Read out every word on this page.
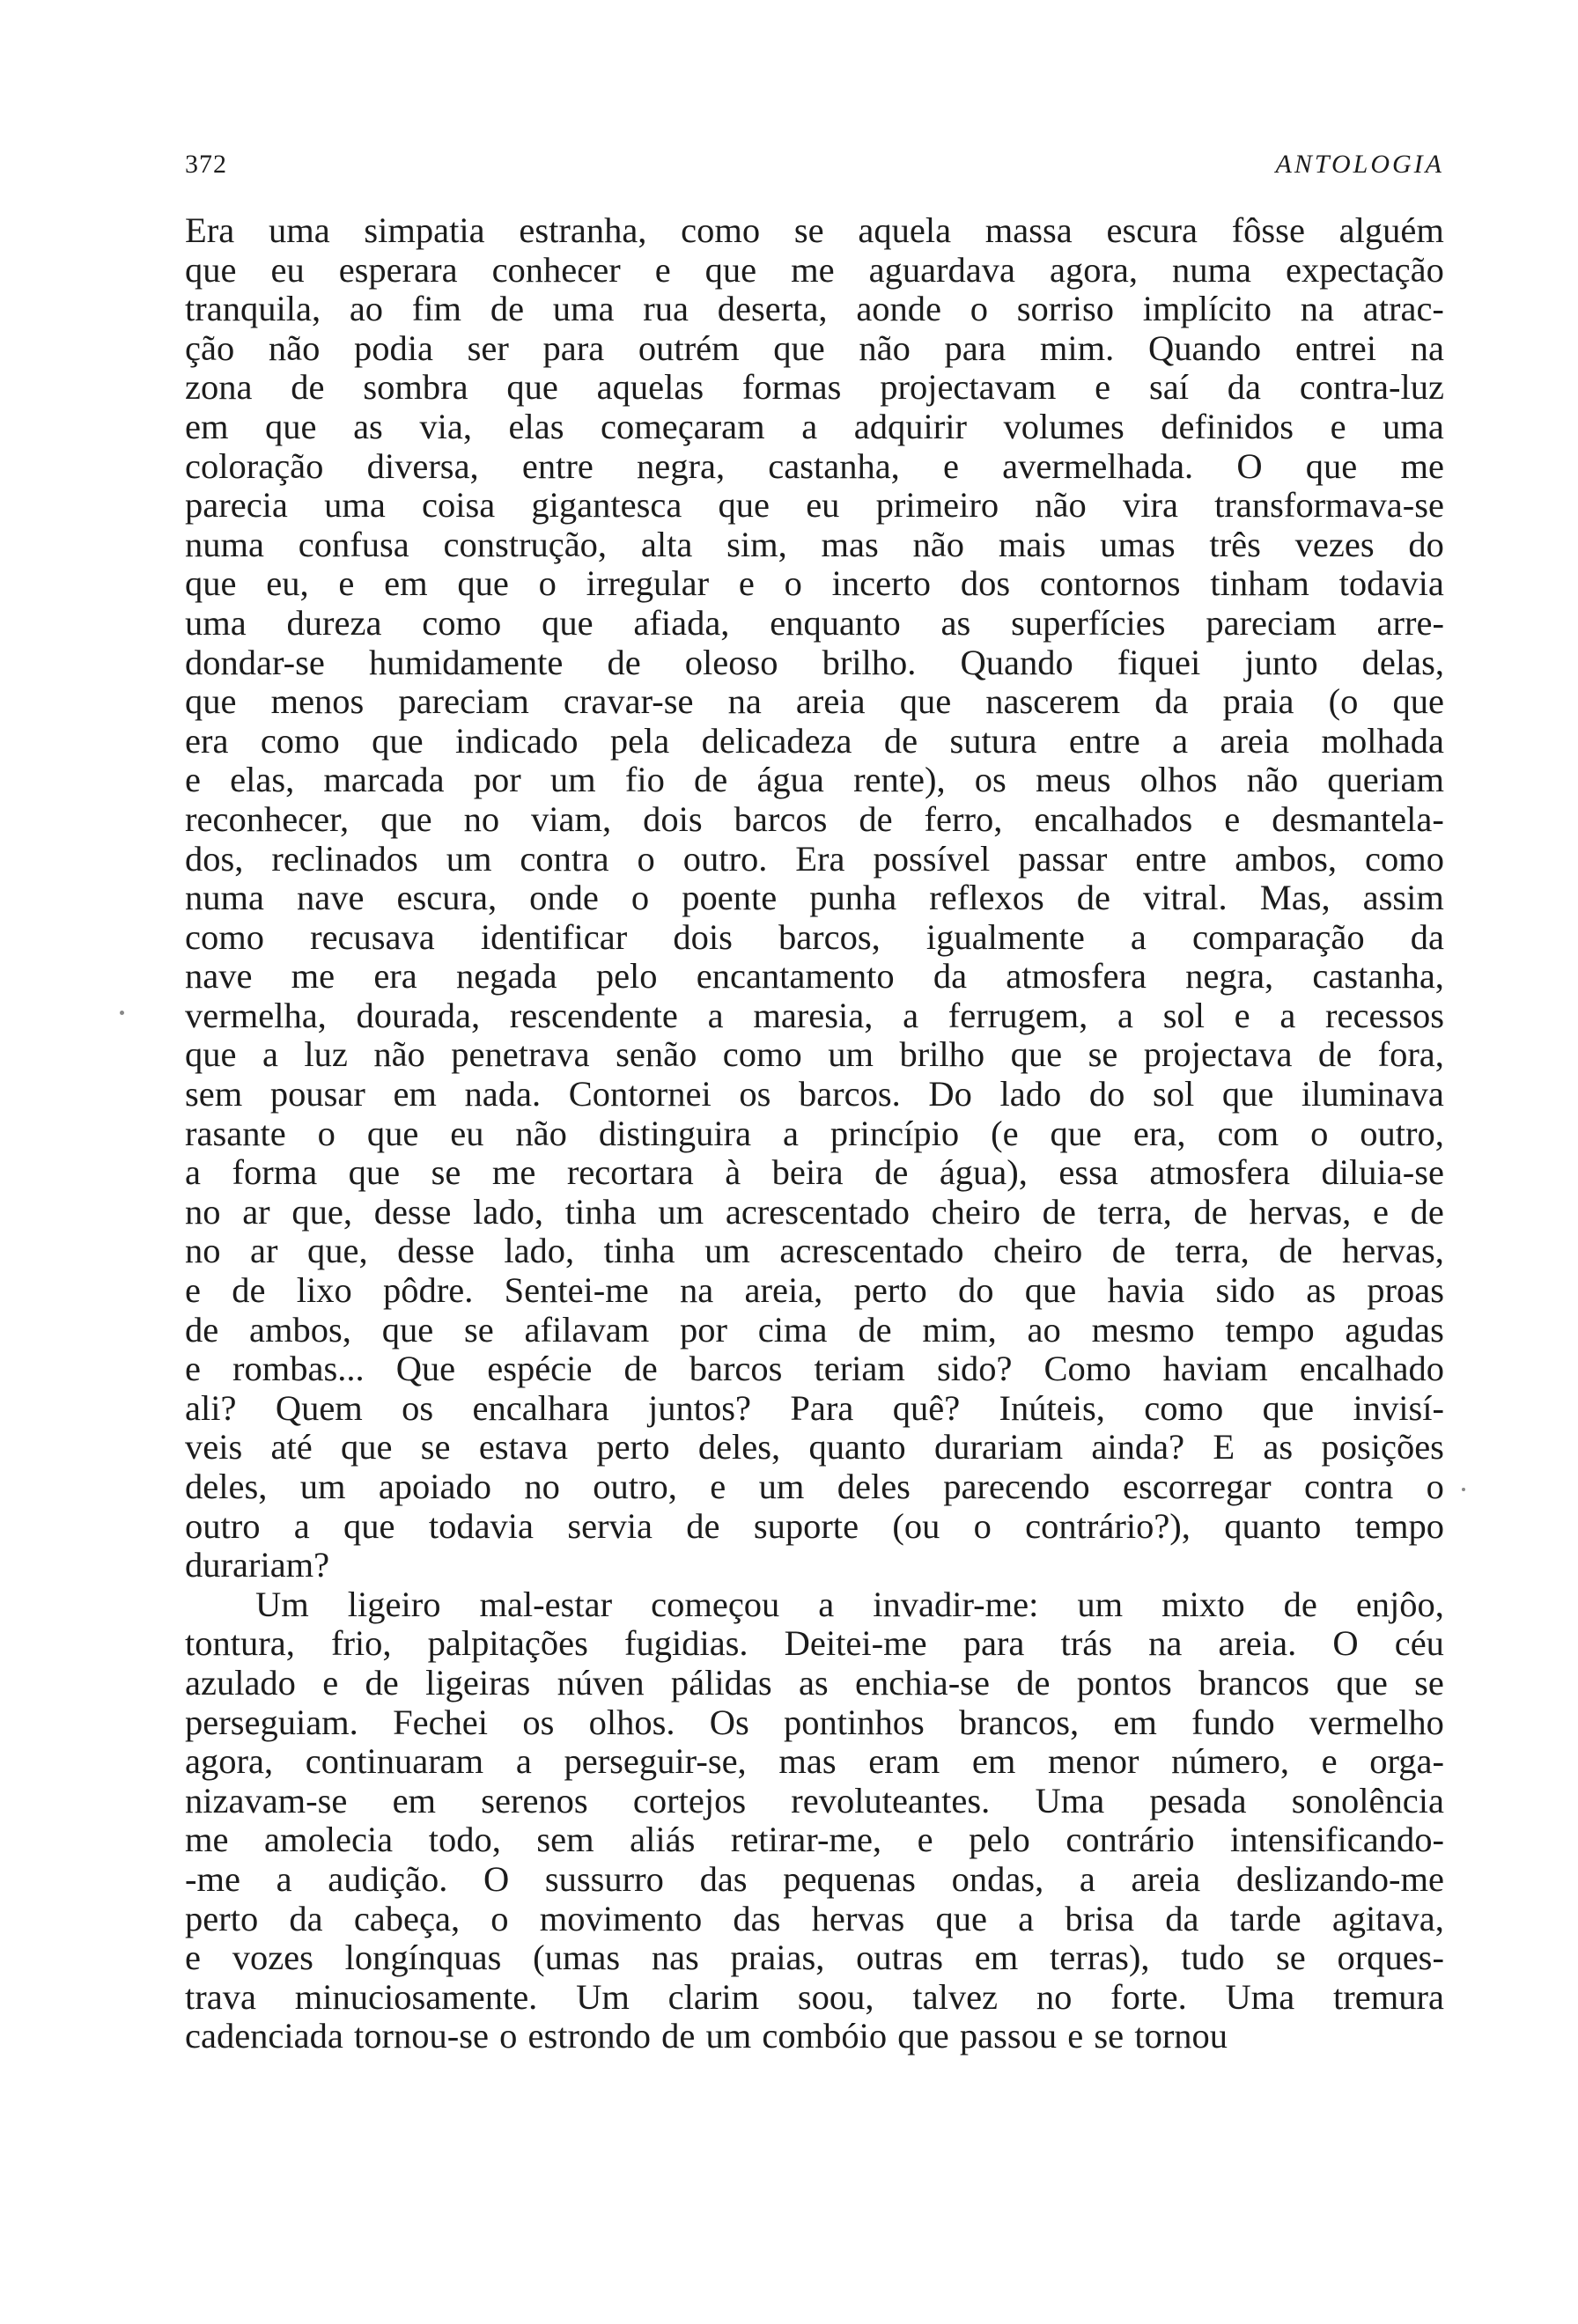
372	ANTOLOGIA
Era uma simpatia estranha, como se aquela massa escura fôsse alguém
que eu esperara conhecer e que me aguardava agora, numa expectação
tranquila, ao fim de uma rua deserta, aonde o sorriso implícito na atrac-
ção não podia ser para outrém que não para mim. Quando entrei na
zona de sombra que aquelas formas projectavam e saí da contra-luz
em que as via, elas começaram a adquirir volumes definidos e uma
coloração diversa, entre negra, castanha, e avermelhada. O que me
parecia uma coisa gigantesca que eu primeiro não vira transformava-se
numa confusa construção, alta sim, mas não mais umas três vezes do
que eu, e em que o irregular e o incerto dos contornos tinham todavia
uma dureza como que afiada, enquanto as superfícies pareciam arre-
dondar-se humidamente de oleoso brilho. Quando fiquei junto delas,
que menos pareciam cravar-se na areia que nascerem da praia (o que
era como que indicado pela delicadeza de sutura entre a areia molhada
e elas, marcada por um fio de água rente), os meus olhos não queriam
reconhecer, que no viam, dois barcos de ferro, encalhados e desmantela-
dos, reclinados um contra o outro. Era possível passar entre ambos, como
numa nave escura, onde o poente punha reflexos de vitral. Mas, assim
como recusava identificar dois barcos, igualmente a comparação da
nave me era negada pelo encantamento da atmosfera negra, castanha,
vermelha, dourada, rescendente a maresia, a ferrugem, a sol e a recessos
que a luz não penetrava senão como um brilho que se projectava de fora,
sem pousar em nada. Contornei os barcos. Do lado do sol que iluminava
rasante o que eu não distinguira a princípio (e que era, com o outro,
a forma que se me recortara à beira de água), essa atmosfera diluia-se
no ar que, desse lado, tinha um acrescentado cheiro de terra, de hervas, e de
no ar que, desse lado, tinha um acrescentado cheiro de terra, de hervas,
e de lixo pôdre. Sentei-me na areia, perto do que havia sido as proas
de ambos, que se afilavam por cima de mim, ao mesmo tempo agudas
e rombas... Que espécie de barcos teriam sido? Como haviam encalhado
ali? Quem os encalhara juntos? Para quê? Inúteis, como que invisí-
veis até que se estava perto deles, quanto durariam ainda? E as posições
deles, um apoiado no outro, e um deles parecendo escorregar contra o
outro a que todavia servia de suporte (ou o contrário?), quanto tempo
durariam?
Um ligeiro mal-estar começou a invadir-me: um mixto de enjôo,
tontura, frio, palpitações fugidias. Deitei-me para trás na areia. O céu
azulado e de ligeiras núven pálidas as enchia-se de pontos brancos que se
perseguiam. Fechei os olhos. Os pontinhos brancos, em fundo vermelho
agora, continuaram a perseguir-se, mas eram em menor número, e orga-
nizavam-se em serenos cortejos revoluteantes. Uma pesada sonolência
me amolecia todo, sem aliás retirar-me, e pelo contrário intensificando-
-me a audição. O sussurro das pequenas ondas, a areia deslizando-me
perto da cabeça, o movimento das hervas que a brisa da tarde agitava,
e vozes longínquas (umas nas praias, outras em terras), tudo se orques-
trava minuciosamente. Um clarim soou, talvez no forte. Uma tremura
cadenciada tornou-se o estrondo de um combóio que passou e se tornou
